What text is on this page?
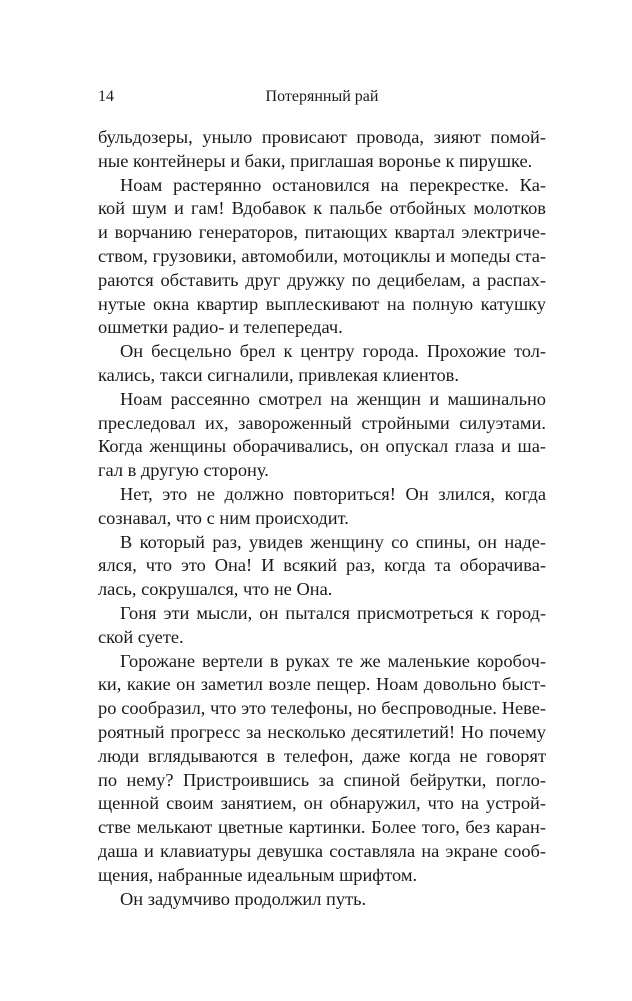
14	Потерянный рай
бульдозеры, уныло провисают провода, зияют помой-
ные контейнеры и баки, приглашая воронье к пирушке.
Ноам растерянно остановился на перекрестке. Ка-
кой шум и гам! Вдобавок к пальбе отбойных молотков
и ворчанию генераторов, питающих квартал электриче-
ством, грузовики, автомобили, мотоциклы и мопеды ста-
раются обставить друг дружку по децибелам, а распах-
нутые окна квартир выплескивают на полную катушку
ошметки радио- и телепередач.
Он бесцельно брел к центру города. Прохожие тол-
кались, такси сигналили, привлекая клиентов.
Ноам рассеянно смотрел на женщин и машинально
преследовал их, завороженный стройными силуэтами.
Когда женщины оборачивались, он опускал глаза и ша-
гал в другую сторону.
Нет, это не должно повториться! Он злился, когда
сознавал, что с ним происходит.
В который раз, увидев женщину со спины, он наде-
ялся, что это Она! И всякий раз, когда та оборачива-
лась, сокрушался, что не Она.
Гоня эти мысли, он пытался присмотреться к город-
ской суете.
Горожане вертели в руках те же маленькие коробоч-
ки, какие он заметил возле пещер. Ноам довольно быст-
ро сообразил, что это телефоны, но беспроводные. Неве-
роятный прогресс за несколько десятилетий! Но почему
люди вглядываются в телефон, даже когда не говорят
по нему? Пристроившись за спиной бейрутки, погло-
щенной своим занятием, он обнаружил, что на устрой-
стве мелькают цветные картинки. Более того, без каран-
даша и клавиатуры девушка составляла на экране сооб-
щения, набранные идеальным шрифтом.
Он задумчиво продолжил путь.
